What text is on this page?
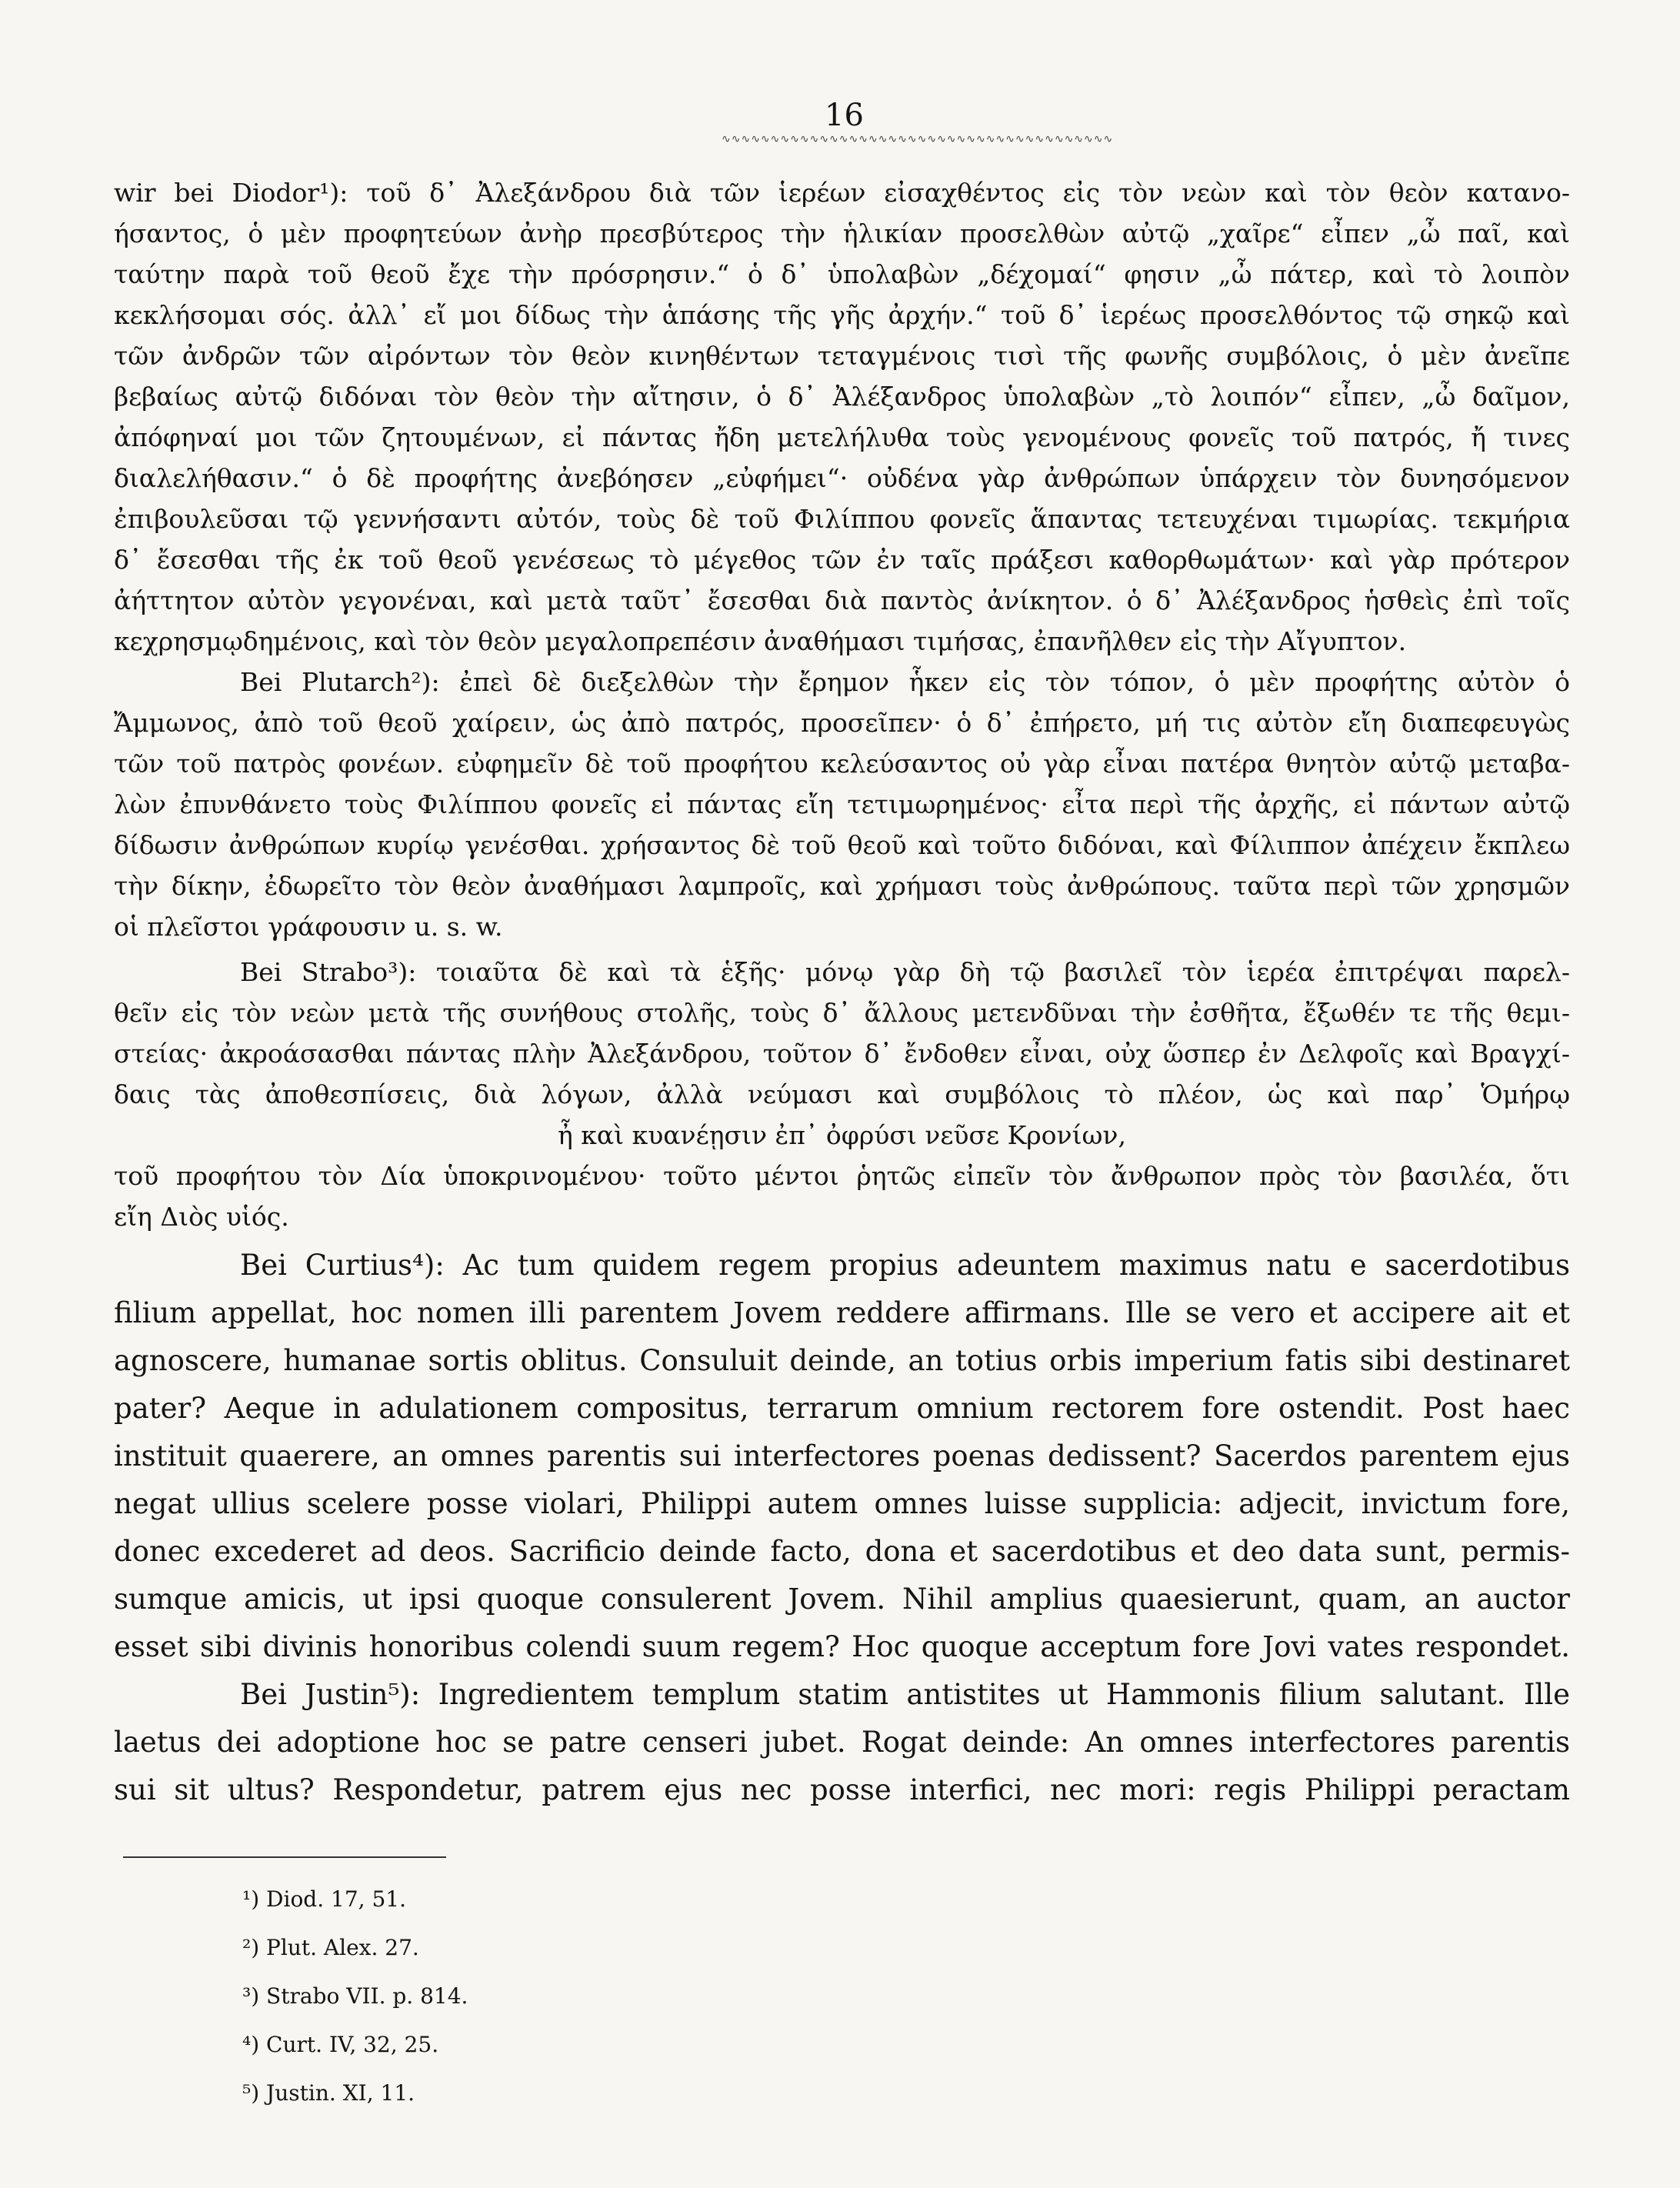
16
∿∿∿∿∿∿∿∿∿∿∿∿∿∿∿∿∿∿∿∿∿∿∿∿∿∿∿∿∿∿∿∿∿∿∿∿∿∿∿∿
wir bei Diodor¹): τοῦ δ᾽ Ἀλεξάνδρου διὰ τῶν ἱερέων εἰσαχθέντος εἰς τὸν νεὼν καὶ τὸν θεὸν κατανο-
ήσαντος, ὁ μὲν προφητεύων ἀνὴρ πρεσβύτερος τὴν ἡλικίαν προσελθὼν αὐτῷ „χαῖρε“ εἶπεν „ὦ παῖ, καὶ
ταύτην παρὰ τοῦ θεοῦ ἔχε τὴν πρόσρησιν.“ ὁ δ᾽ ὑπολαβὼν „δέχομαί“ φησιν „ὦ πάτερ, καὶ τὸ λοιπὸν
κεκλήσομαι σός. ἀλλ᾽ εἴ μοι δίδως τὴν ἁπάσης τῆς γῆς ἀρχήν.“ τοῦ δ᾽ ἱερέως προσελθόντος τῷ σηκῷ καὶ
τῶν ἀνδρῶν τῶν αἰρόντων τὸν θεὸν κινηθέντων τεταγμένοις τισὶ τῆς φωνῆς συμβόλοις, ὁ μὲν ἀνεῖπε
βεβαίως αὐτῷ διδόναι τὸν θεὸν τὴν αἴτησιν, ὁ δ᾽ Ἀλέξανδρος ὑπολαβὼν „τὸ λοιπόν“ εἶπεν, „ὦ δαῖμον,
ἀπόφηναί μοι τῶν ζητουμένων, εἰ πάντας ἤδη μετελήλυθα τοὺς γενομένους φονεῖς τοῦ πατρός, ἤ τινες
διαλελήθασιν.“ ὁ δὲ προφήτης ἀνεβόησεν „εὐφήμει“· οὐδένα γὰρ ἀνθρώπων ὑπάρχειν τὸν δυνησόμενον
ἐπιβουλεῦσαι τῷ γεννήσαντι αὐτόν, τοὺς δὲ τοῦ Φιλίππου φονεῖς ἅπαντας τετευχέναι τιμωρίας. τεκμήρια
δ᾽ ἔσεσθαι τῆς ἐκ τοῦ θεοῦ γενέσεως τὸ μέγεθος τῶν ἐν ταῖς πράξεσι καθορθωμάτων· καὶ γὰρ πρότερον
ἀήττητον αὐτὸν γεγονέναι, καὶ μετὰ ταῦτ᾽ ἔσεσθαι διὰ παντὸς ἀνίκητον. ὁ δ᾽ Ἀλέξανδρος ἡσθεὶς ἐπὶ τοῖς
κεχρησμῳδημένοις, καὶ τὸν θεὸν μεγαλοπρεπέσιν ἀναθήμασι τιμήσας, ἐπανῆλθεν εἰς τὴν Αἴγυπτον.
Bei Plutarch²): ἐπεὶ δὲ διεξελθὼν τὴν ἔρημον ἧκεν εἰς τὸν τόπον, ὁ μὲν προφήτης αὐτὸν ὁ
Ἄμμωνος, ἀπὸ τοῦ θεοῦ χαίρειν, ὡς ἀπὸ πατρός, προσεῖπεν· ὁ δ᾽ ἐπήρετο, μή τις αὐτὸν εἴη διαπεφευγὼς
τῶν τοῦ πατρὸς φονέων. εὐφημεῖν δὲ τοῦ προφήτου κελεύσαντος οὐ γὰρ εἶναι πατέρα θνητὸν αὐτῷ μεταβα-
λὼν ἐπυνθάνετο τοὺς Φιλίππου φονεῖς εἰ πάντας εἴη τετιμωρημένος· εἶτα περὶ τῆς ἀρχῆς, εἰ πάντων αὐτῷ
δίδωσιν ἀνθρώπων κυρίῳ γενέσθαι. χρήσαντος δὲ τοῦ θεοῦ καὶ τοῦτο διδόναι, καὶ Φίλιππον ἀπέχειν ἔκπλεω
τὴν δίκην, ἐδωρεῖτο τὸν θεὸν ἀναθήμασι λαμπροῖς, καὶ χρήμασι τοὺς ἀνθρώπους. ταῦτα περὶ τῶν χρησμῶν
οἱ πλεῖστοι γράφουσιν u. s. w.
Bei Strabo³): τοιαῦτα δὲ καὶ τὰ ἑξῆς· μόνῳ γὰρ δὴ τῷ βασιλεῖ τὸν ἱερέα ἐπιτρέψαι παρελ-
θεῖν εἰς τὸν νεὼν μετὰ τῆς συνήθους στολῆς, τοὺς δ᾽ ἄλλους μετενδῦναι τὴν ἐσθῆτα, ἔξωθέν τε τῆς θεμι-
στείας· ἀκροάσασθαι πάντας πλὴν Ἀλεξάνδρου, τοῦτον δ᾽ ἔνδοθεν εἶναι, οὐχ ὥσπερ ἐν Δελφοῖς καὶ Βραγχί-
δαις τὰς ἀποθεσπίσεις, διὰ λόγων, ἀλλὰ νεύμασι καὶ συμβόλοις τὸ πλέον, ὡς καὶ παρ᾽ Ὁμήρῳ
ἦ καὶ κυανέῃσιν ἐπ᾽ ὀφρύσι νεῦσε Κρονίων,
τοῦ προφήτου τὸν Δία ὑποκρινομένου· τοῦτο μέντοι ῥητῶς εἰπεῖν τὸν ἄνθρωπον πρὸς τὸν βασιλέα, ὅτι
εἴη Διὸς υἱός.
Bei Curtius⁴): Ac tum quidem regem propius adeuntem maximus natu e sacerdotibus
filium appellat, hoc nomen illi parentem Jovem reddere affirmans. Ille se vero et accipere ait et
agnoscere, humanae sortis oblitus. Consuluit deinde, an totius orbis imperium fatis sibi destinaret
pater? Aeque in adulationem compositus, terrarum omnium rectorem fore ostendit. Post haec
instituit quaerere, an omnes parentis sui interfectores poenas dedissent? Sacerdos parentem ejus
negat ullius scelere posse violari, Philippi autem omnes luisse supplicia: adjecit, invictum fore,
donec excederet ad deos. Sacrificio deinde facto, dona et sacerdotibus et deo data sunt, permis-
sumque amicis, ut ipsi quoque consulerent Jovem. Nihil amplius quaesierunt, quam, an auctor
esset sibi divinis honoribus colendi suum regem? Hoc quoque acceptum fore Jovi vates respondet.
Bei Justin⁵): Ingredientem templum statim antistites ut Hammonis filium salutant. Ille
laetus dei adoptione hoc se patre censeri jubet. Rogat deinde: An omnes interfectores parentis
sui sit ultus? Respondetur, patrem ejus nec posse interfici, nec mori: regis Philippi peractam
¹) Diod. 17, 51.
²) Plut. Alex. 27.
³) Strabo VII. p. 814.
⁴) Curt. IV, 32, 25.
⁵) Justin. XI, 11.
